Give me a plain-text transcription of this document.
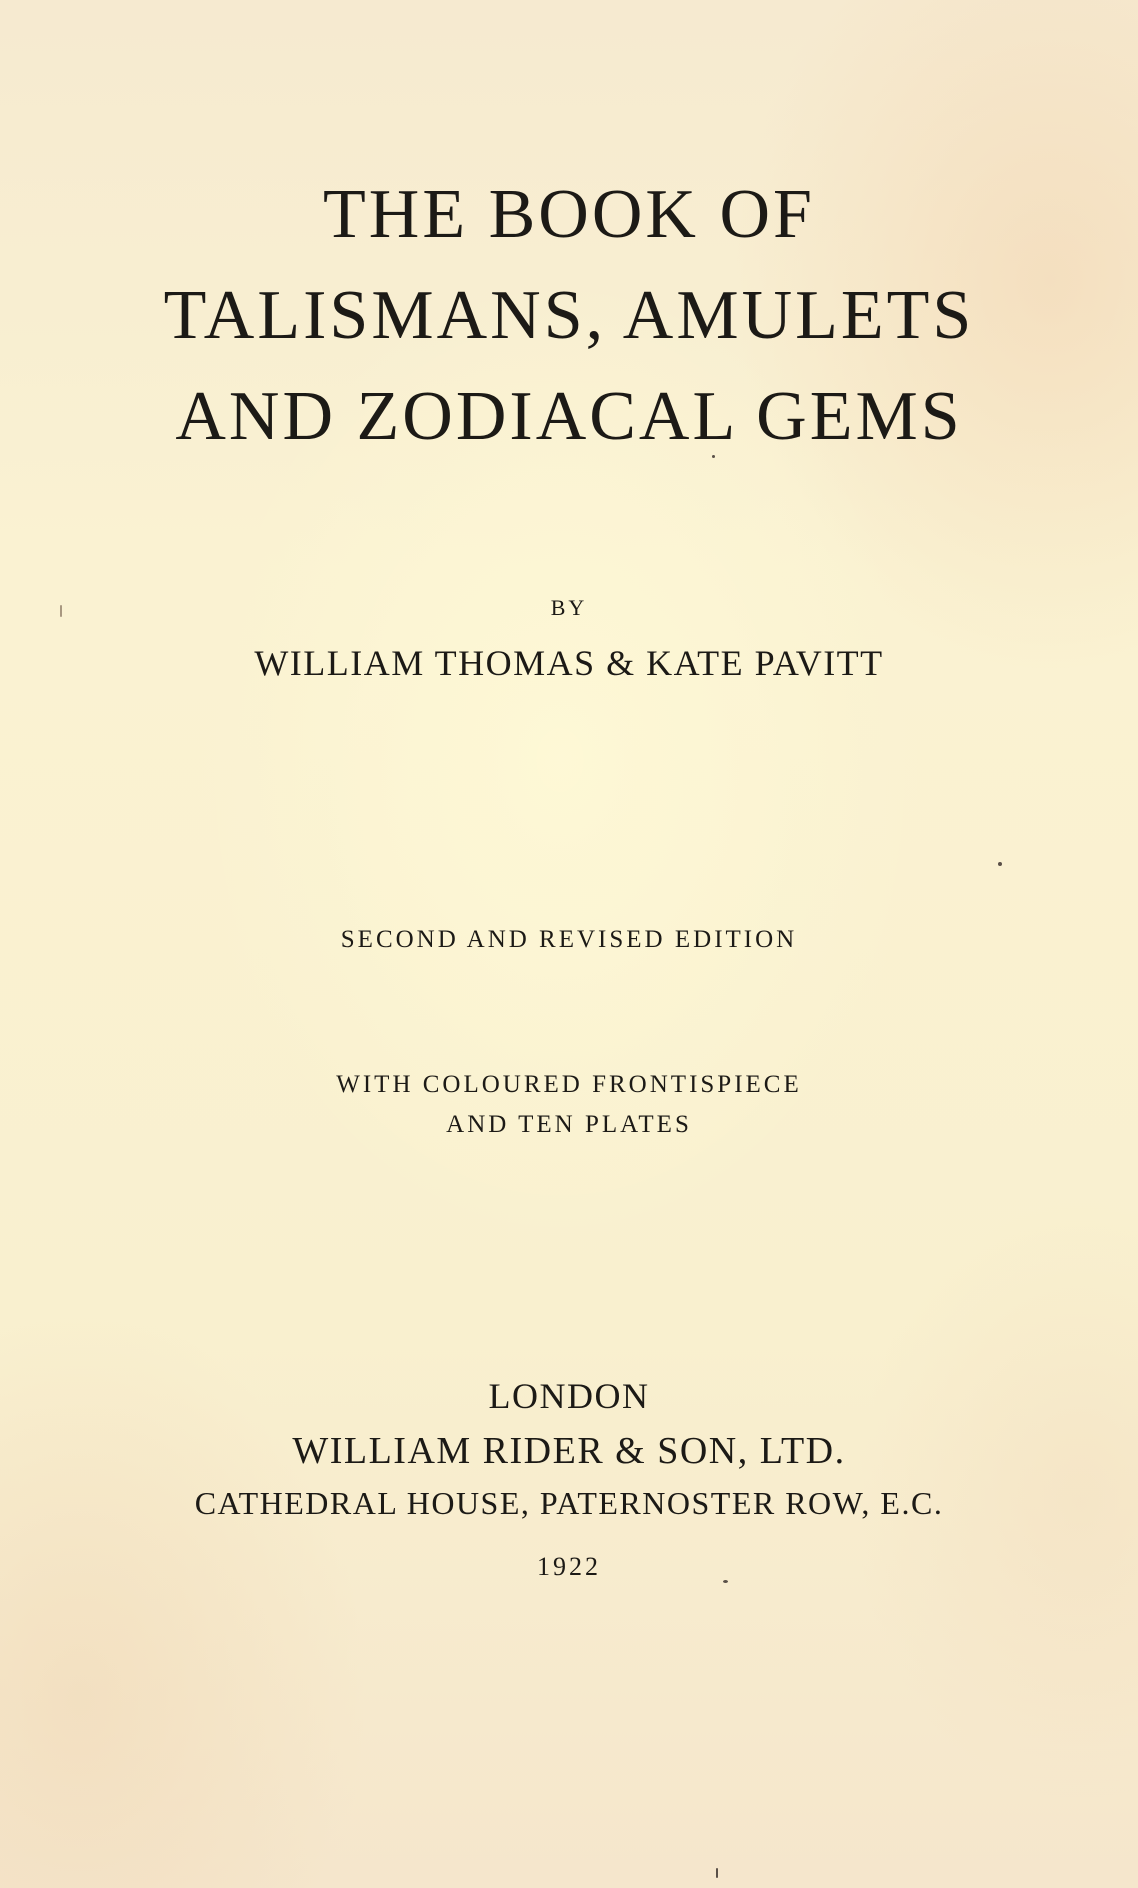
THE BOOK OF
TALISMANS, AMULETS
AND ZODIACAL GEMS
BY
WILLIAM THOMAS & KATE PAVITT
SECOND AND REVISED EDITION
WITH COLOURED FRONTISPIECE
AND TEN PLATES
LONDON
WILLIAM RIDER & SON, LTD.
CATHEDRAL HOUSE, PATERNOSTER ROW, E.C.
1922
